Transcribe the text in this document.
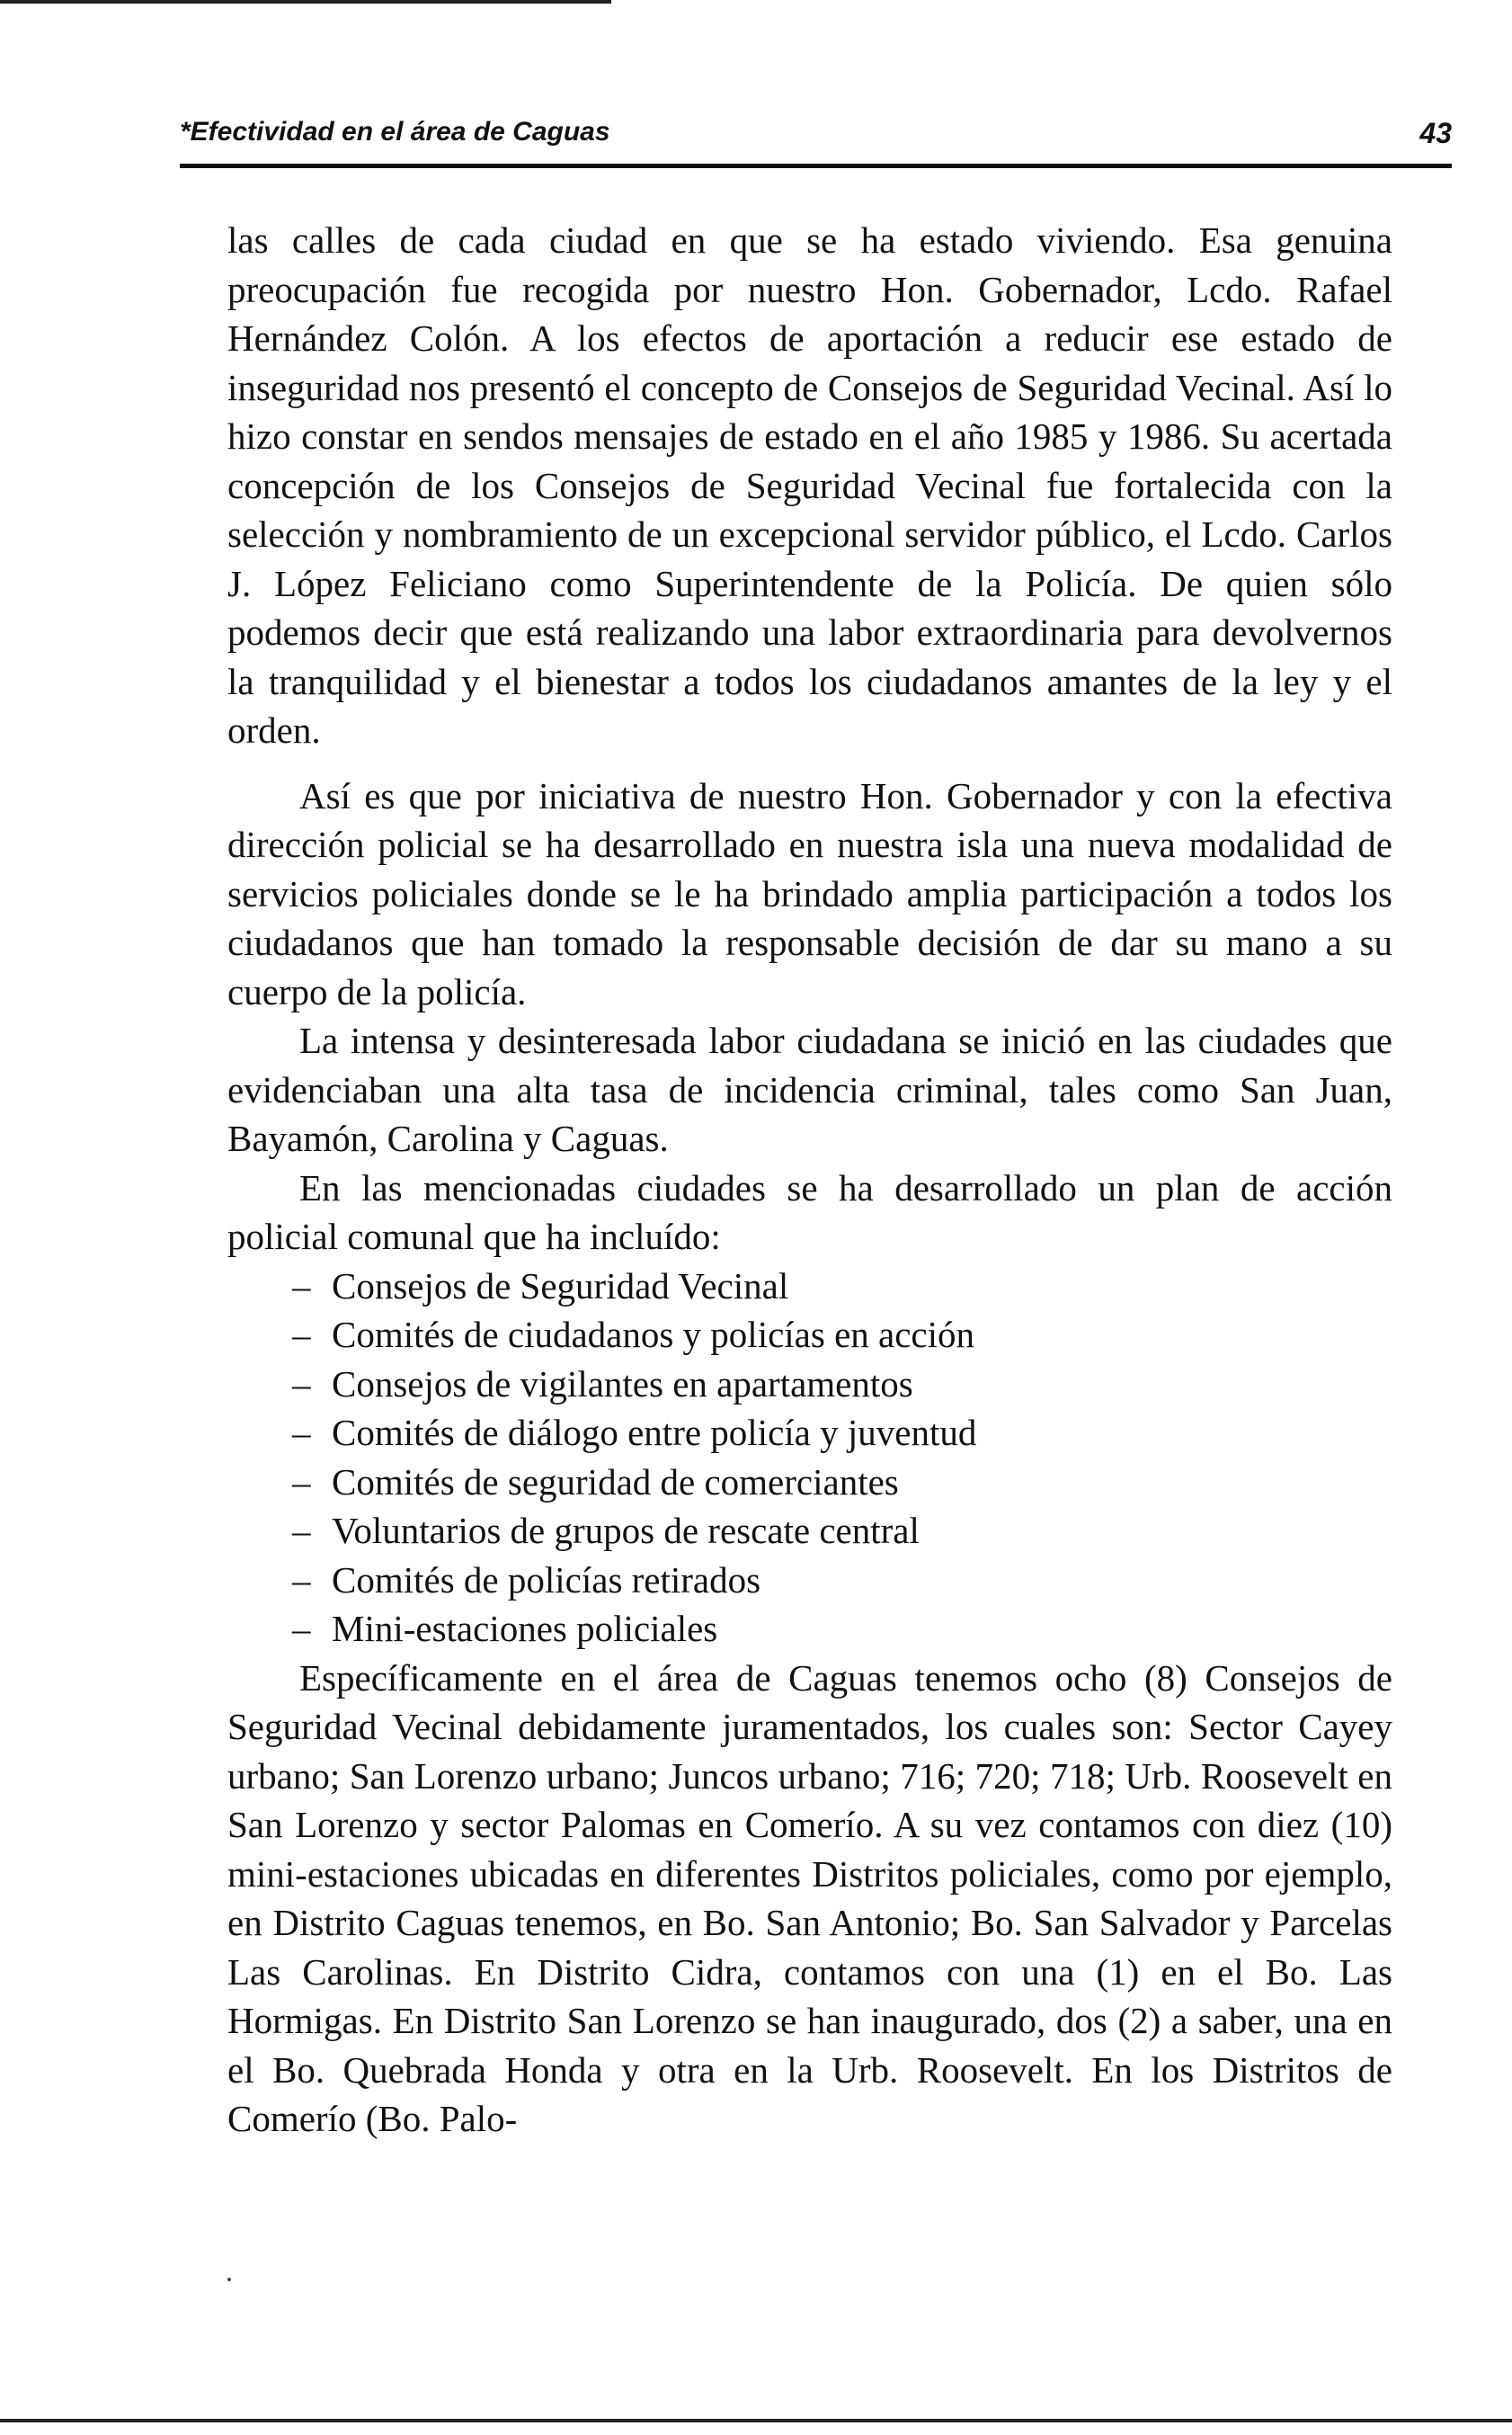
*Efectividad en el área de Caguas	43

las calles de cada ciudad en que se ha estado viviendo. Esa genuina preocupación fue recogida por nuestro Hon. Gobernador, Lcdo. Rafael Hernández Colón. A los efectos de aportación a reducir ese estado de inseguridad nos presentó el concepto de Consejos de Seguridad Vecinal. Así lo hizo constar en sendos mensajes de estado en el año 1985 y 1986. Su acertada concepción de los Consejos de Seguridad Vecinal fue fortalecida con la selección y nombramiento de un excepcional servidor público, el Lcdo. Carlos J. López Feliciano como Superintendente de la Policía. De quien sólo podemos decir que está realizando una labor extraordinaria para devolvernos la tranquilidad y el bienestar a todos los ciudadanos amantes de la ley y el orden.

Así es que por iniciativa de nuestro Hon. Gobernador y con la efectiva dirección policial se ha desarrollado en nuestra isla una nueva modalidad de servicios policiales donde se le ha brindado amplia participación a todos los ciudadanos que han tomado la responsable decisión de dar su mano a su cuerpo de la policía.

La intensa y desinteresada labor ciudadana se inició en las ciudades que evidenciaban una alta tasa de incidencia criminal, tales como San Juan, Bayamón, Carolina y Caguas.

En las mencionadas ciudades se ha desarrollado un plan de acción policial comunal que ha incluído:

– Consejos de Seguridad Vecinal
– Comités de ciudadanos y policías en acción
– Consejos de vigilantes en apartamentos
– Comités de diálogo entre policía y juventud
– Comités de seguridad de comerciantes
– Voluntarios de grupos de rescate central
– Comités de policías retirados
– Mini-estaciones policiales

Específicamente en el área de Caguas tenemos ocho (8) Consejos de Seguridad Vecinal debidamente juramentados, los cuales son: Sector Cayey urbano; San Lorenzo urbano; Juncos urbano; 716; 720; 718; Urb. Roosevelt en San Lorenzo y sector Palomas en Comerío. A su vez contamos con diez (10) mini-estaciones ubicadas en diferentes Distritos policiales, como por ejemplo, en Distrito Caguas tenemos, en Bo. San Antonio; Bo. San Salvador y Parcelas Las Carolinas. En Distrito Cidra, contamos con una (1) en el Bo. Las Hormigas. En Distrito San Lorenzo se han inaugurado, dos (2) a saber, una en el Bo. Quebrada Honda y otra en la Urb. Roosevelt. En los Distritos de Comerío (Bo. Palo-
